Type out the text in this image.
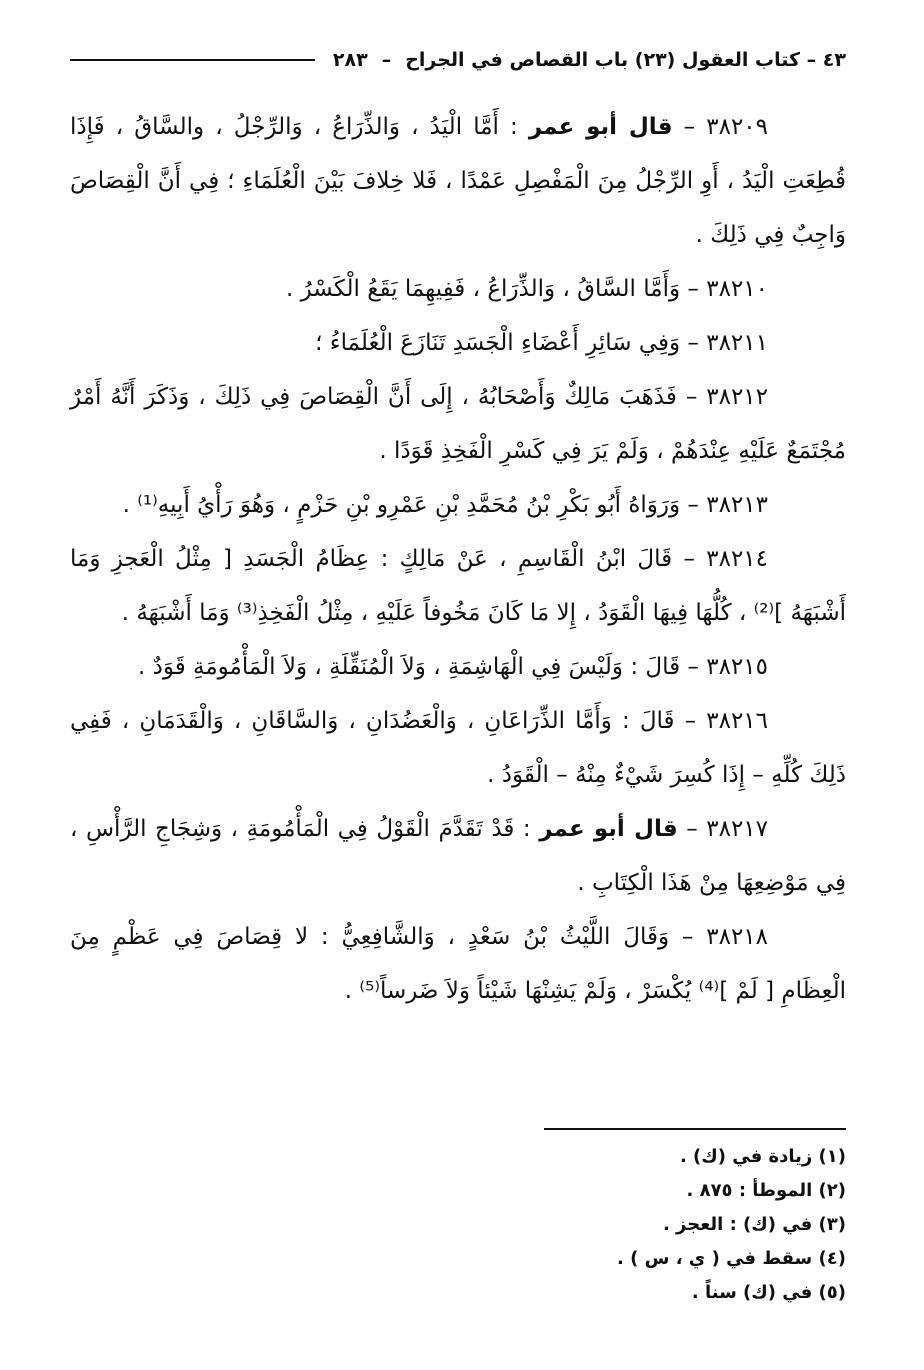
٤٣ – كتاب العقول (٢٣) باب القصاص في الجراح
–
٢٨٣

٣٨٢٠٩ – قال أبو عمر : أَمَّا الْيَدُ ، وَالذِّرَاعُ ، وَالرِّجْلُ ، والسَّاقُ ، فَإِذَا قُطِعَتِ الْيَدُ ، أَوِ الرِّجْلُ مِنَ الْمَفْصِلِ عَمْدًا ، فَلا خِلافَ بَيْنَ الْعُلَمَاءِ ؛ فِي أَنَّ الْقِصَاصَ وَاجِبٌ فِي ذَلِكَ .

٣٨٢١٠ – وَأَمَّا السَّاقُ ، وَالذِّرَاعُ ، فَفِيهِمَا يَقَعُ الْكَسْرُ .

٣٨٢١١ – وَفِي سَائِرِ أَعْضَاءِ الْجَسَدِ تَنَازَعَ الْعُلَمَاءُ ؛

٣٨٢١٢ – فَذَهَبَ مَالِكٌ وَأَصْحَابُهُ ، إِلَى أَنَّ الْقِصَاصَ فِي ذَلِكَ ، وَذَكَرَ أَنَّهُ أَمْرٌ مُجْتَمَعٌ عَلَيْهِ عِنْدَهُمْ ، وَلَمْ يَرَ فِي كَسْرِ الْفَخِذِ قَوَدًا .

٣٨٢١٣ – وَرَوَاهُ أَبُو بَكْرِ بْنُ مُحَمَّدِ بْنِ عَمْرِو بْنِ حَزْمٍ ، وَهُوَ رَأْيُ أَبِيهِ⁽¹⁾ .

٣٨٢١٤ – قَالَ ابْنُ الْقَاسِمِ ، عَنْ مَالِكٍ : عِظَامُ الْجَسَدِ [ مِثْلُ الْعَجزِ وَمَا أَشْبَهَهُ ]⁽²⁾ ، كُلُّهَا فِيهَا الْقَوَدُ ، إِلا مَا كَانَ مَخُوفاً عَلَيْهِ ، مِثْلُ الْفَخِذِ⁽³⁾ وَمَا أَشْبَهَهُ .

٣٨٢١٥ – قَالَ : وَلَيْسَ فِي الْهَاشِمَةِ ، وَلاَ الْمُنَقِّلَةِ ، وَلاَ الْمَأْمُومَةِ قَوَدٌ .

٣٨٢١٦ – قَالَ : وَأَمَّا الذِّرَاعَانِ ، وَالْعَضُدَانِ ، وَالسَّاقَانِ ، وَالْقَدَمَانِ ، فَفِي ذَلِكَ كُلِّهِ – إِذَا كُسِرَ شَيْءٌ مِنْهُ – الْقَوَدُ .

٣٨٢١٧ – قال أبو عمر : قَدْ تَقَدَّمَ الْقَوْلُ فِي الْمَأْمُومَةِ ، وَشِجَاجِ الرَّأْسِ ، فِي مَوْضِعِهَا مِنْ هَذَا الْكِتَابِ .

٣٨٢١٨ – وَقَالَ اللَّيْثُ بْنُ سَعْدٍ ، وَالشَّافِعِيُّ : لا قِصَاصَ فِي عَظْمٍ مِنَ الْعِظَامِ [ لَمْ ]⁽⁴⁾ يُكْسَرْ ، وَلَمْ يَشِنْهَا شَيْئاً وَلاَ ضَرساً⁽⁵⁾ .

(١) زيادة في (ك) .
(٢) الموطأ : ٨٧٥ .
(٣) في (ك) : العجز .
(٤) سقط في ( ي ، س ) .
(٥) في (ك) سناً .
